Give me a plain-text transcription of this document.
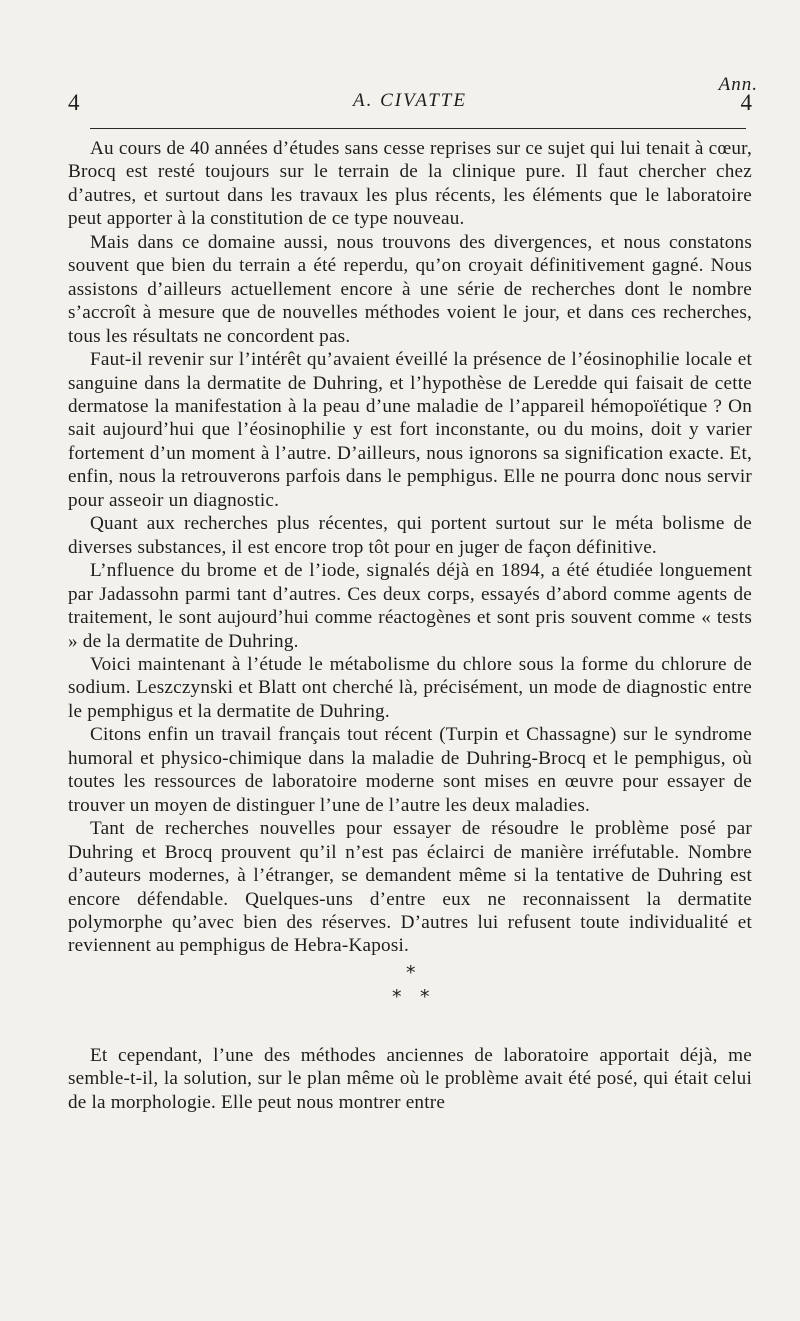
Ann.
4	A. CIVATTE	4

Au cours de 40 années d’études sans cesse reprises sur ce sujet qui lui tenait à cœur, Brocq est resté toujours sur le terrain de la clinique pure. Il faut chercher chez d’autres, et surtout dans les travaux les plus récents, les éléments que le laboratoire peut apporter à la constitution de ce type nouveau.

Mais dans ce domaine aussi, nous trouvons des divergences, et nous constatons souvent que bien du terrain a été reperdu, qu’on croyait définitivement gagné. Nous assistons d’ailleurs actuellement encore à une série de recherches dont le nombre s’accroît à mesure que de nouvelles méthodes voient le jour, et dans ces recherches, tous les résultats ne concordent pas.

Faut-il revenir sur l’intérêt qu’avaient éveillé la présence de l’éosinophilie locale et sanguine dans la dermatite de Duhring, et l’hypothèse de Leredde qui faisait de cette dermatose la manifestation à la peau d’une maladie de l’appareil hémopoïétique ? On sait aujourd’hui que l’éosinophilie y est fort inconstante, ou du moins, doit y varier fortement d’un moment à l’autre. D’ailleurs, nous ignorons sa signification exacte. Et, enfin, nous la retrouverons parfois dans le pemphigus. Elle ne pourra donc nous servir pour asseoir un diagnostic.

Quant aux recherches plus récentes, qui portent surtout sur le méta bolisme de diverses substances, il est encore trop tôt pour en juger de façon définitive.

L’nfluence du brome et de l’iode, signalés déjà en 1894, a été étudiée longuement par Jadassohn parmi tant d’autres. Ces deux corps, essayés d’abord comme agents de traitement, le sont aujourd’hui comme réactogènes et sont pris souvent comme « tests » de la dermatite de Duhring.

Voici maintenant à l’étude le métabolisme du chlore sous la forme du chlorure de sodium. Leszczynski et Blatt ont cherché là, précisément, un mode de diagnostic entre le pemphigus et la dermatite de Duhring.

Citons enfin un travail français tout récent (Turpin et Chassagne) sur le syndrome humoral et physico-chimique dans la maladie de Duhring-Brocq et le pemphigus, où toutes les ressources de laboratoire moderne sont mises en œuvre pour essayer de trouver un moyen de distinguer l’une de l’autre les deux maladies.

Tant de recherches nouvelles pour essayer de résoudre le problème posé par Duhring et Brocq prouvent qu’il n’est pas éclairci de manière irréfutable. Nombre d’auteurs modernes, à l’étranger, se demandent même si la tentative de Duhring est encore défendable. Quelques-uns d’entre eux ne reconnaissent la dermatite polymorphe qu’avec bien des réserves. D’autres lui refusent toute individualité et reviennent au pemphigus de Hebra-Kaposi.

*
* *

Et cependant, l’une des méthodes anciennes de laboratoire apportait déjà, me semble-t-il, la solution, sur le plan même où le problème avait été posé, qui était celui de la morphologie. Elle peut nous montrer entre
